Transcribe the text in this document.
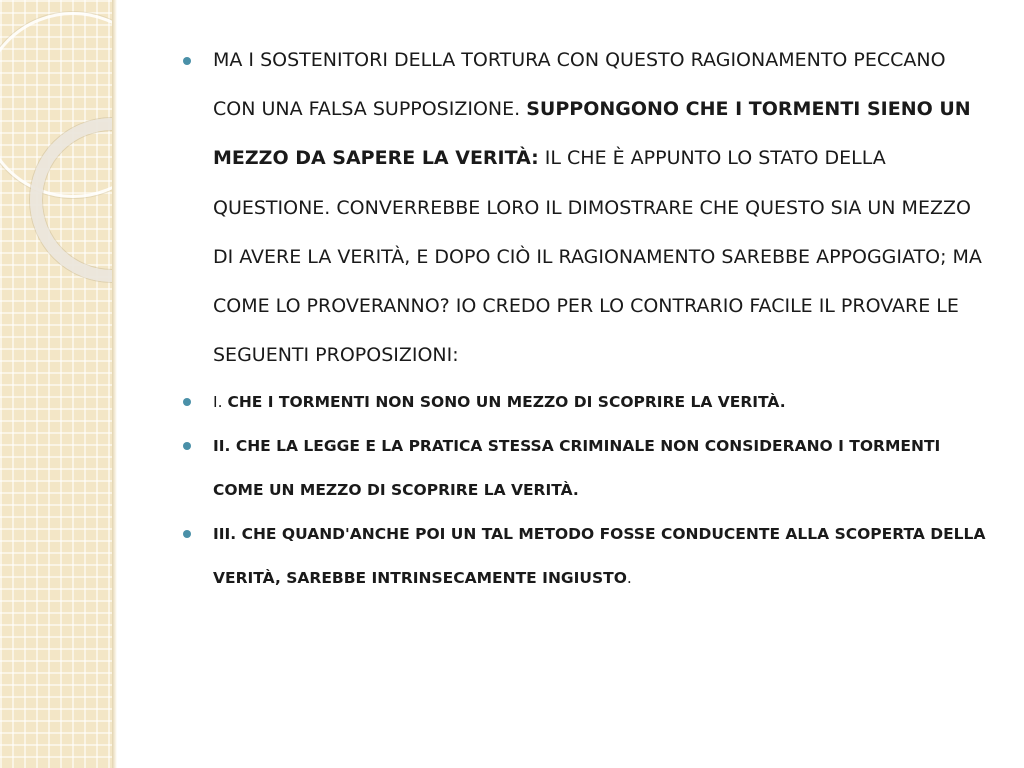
MA I SOSTENITORI DELLA TORTURA CON QUESTO RAGIONAMENTO PECCANO CON UNA FALSA SUPPOSIZIONE. SUPPONGONO CHE I TORMENTI SIENO UN MEZZO DA SAPERE LA VERITÀ: IL CHE È APPUNTO LO STATO DELLA QUESTIONE. CONVERREBBE LORO IL DIMOSTRARE CHE QUESTO SIA UN MEZZO DI AVERE LA VERITÀ, E DOPO CIÒ IL RAGIONAMENTO SAREBBE APPOGGIATO; MA COME LO PROVERANNO? IO CREDO PER LO CONTRARIO FACILE IL PROVARE LE SEGUENTI PROPOSIZIONI:

I. CHE I TORMENTI NON SONO UN MEZZO DI SCOPRIRE LA VERITÀ.

II. CHE LA LEGGE E LA PRATICA STESSA CRIMINALE NON CONSIDERANO I TORMENTI COME UN MEZZO DI SCOPRIRE LA VERITÀ.

III. CHE QUAND'ANCHE POI UN TAL METODO FOSSE CONDUCENTE ALLA SCOPERTA DELLA VERITÀ, SAREBBE INTRINSECAMENTE INGIUSTO.
